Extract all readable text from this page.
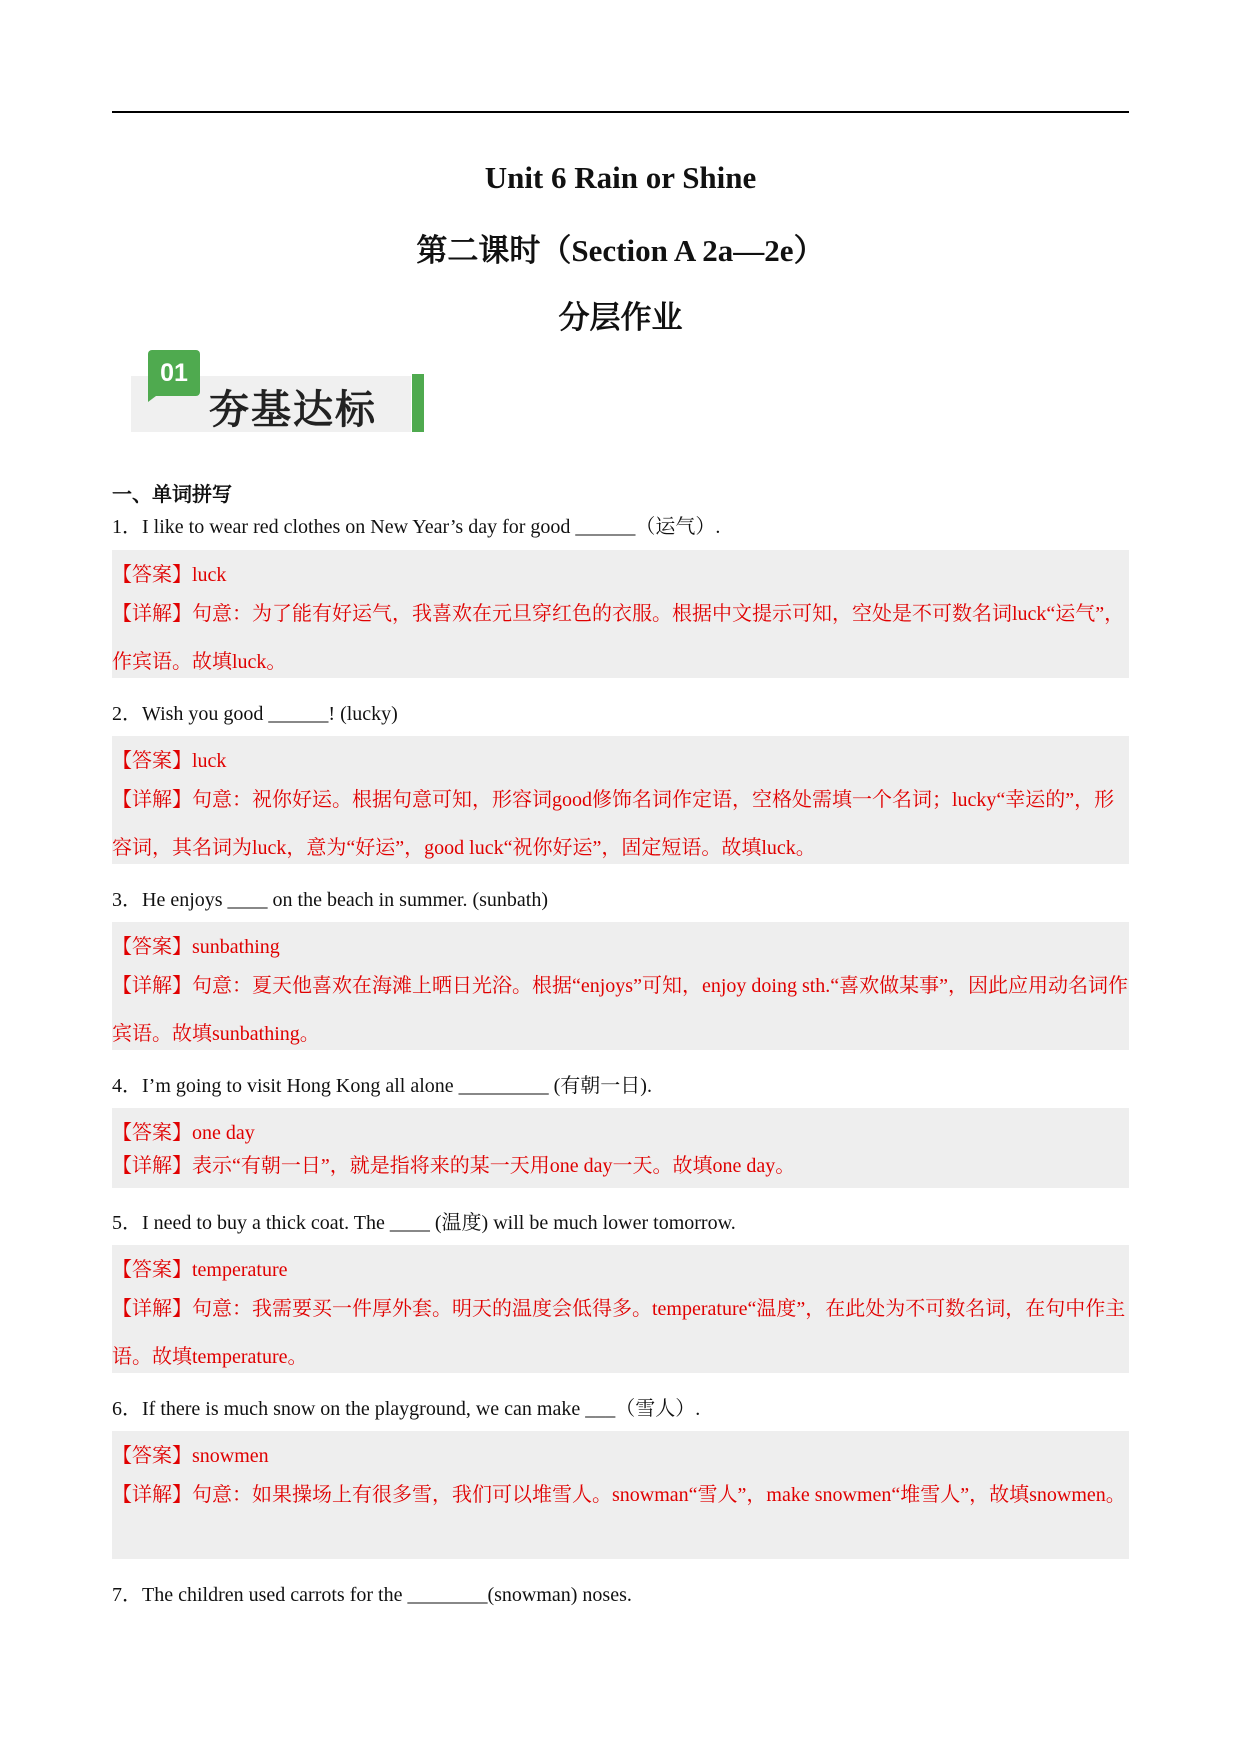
Unit 6 Rain or Shine
第二课时（Section A 2a—2e）
分层作业
01
夯基达标
一、单词拼写
1．I like to wear red clothes on New Year’s day for good ______（运气）.
【答案】luck
【详解】句意：为了能有好运气，我喜欢在元旦穿红色的衣服。根据中文提示可知，空处是不可数名词luck“运气”，作宾语。故填luck。
2．Wish you good ______! (lucky)
【答案】luck
【详解】句意：祝你好运。根据句意可知，形容词good修饰名词作定语，空格处需填一个名词；lucky“幸运的”，形容词，其名词为luck，意为“好运”，good luck“祝你好运”，固定短语。故填luck。
3．He enjoys ____ on the beach in summer. (sunbath)
【答案】sunbathing
【详解】句意：夏天他喜欢在海滩上晒日光浴。根据“enjoys”可知，enjoy doing sth.“喜欢做某事”，因此应用动名词作宾语。故填sunbathing。
4．I’m going to visit Hong Kong all alone _________ (有朝一日).
【答案】one day
【详解】表示“有朝一日”，就是指将来的某一天用one day一天。故填one day。
5．I need to buy a thick coat. The ____ (温度) will be much lower tomorrow.
【答案】temperature
【详解】句意：我需要买一件厚外套。明天的温度会低得多。temperature“温度”，在此处为不可数名词，在句中作主语。故填temperature。
6．If there is much snow on the playground, we can make ___（雪人）.
【答案】snowmen
【详解】句意：如果操场上有很多雪，我们可以堆雪人。snowman“雪人”，make snowmen“堆雪人”，故填snowmen。
7．The children used carrots for the ________(snowman) noses.
